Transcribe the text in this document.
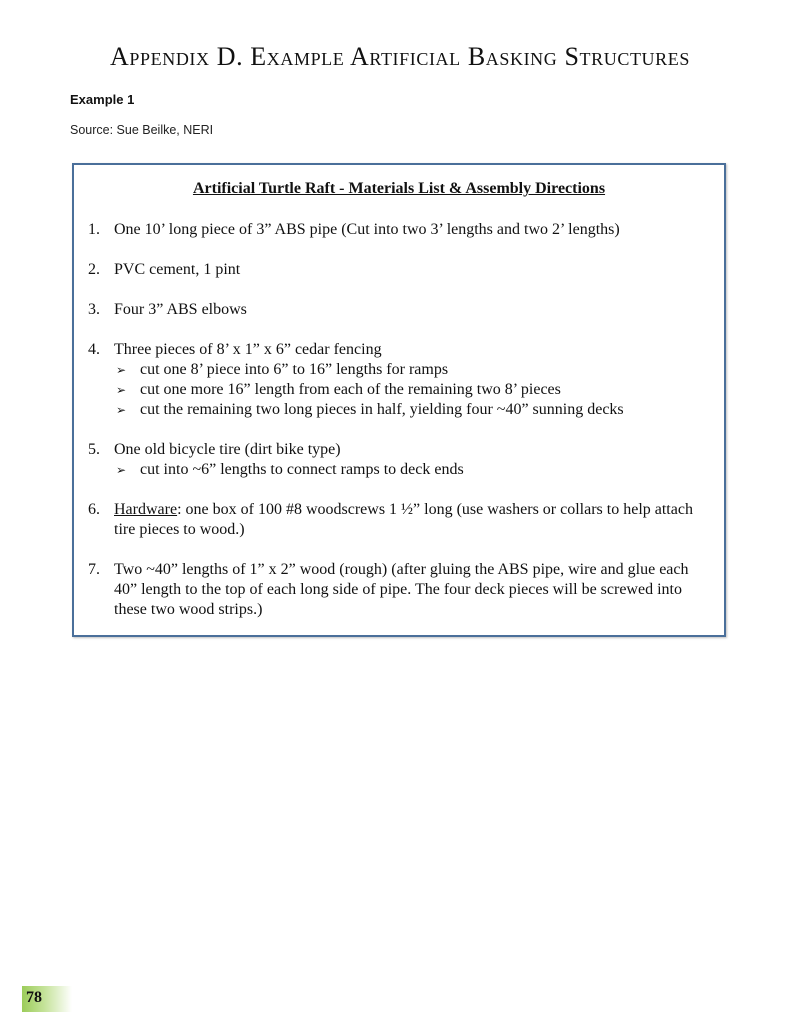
Appendix D. Example Artificial Basking Structures
Example 1
Source: Sue Beilke, NERI
Artificial Turtle Raft - Materials List & Assembly Directions
1. One 10’ long piece of 3” ABS pipe (Cut into two 3’ lengths and two 2’ lengths)
2. PVC cement, 1 pint
3. Four 3” ABS elbows
4. Three pieces of 8’ x 1” x 6” cedar fencing
➢ cut one 8’ piece into 6” to 16” lengths for ramps
➢ cut one more 16” length from each of the remaining two 8’ pieces
➢ cut the remaining two long pieces in half, yielding four ~40” sunning decks
5. One old bicycle tire (dirt bike type)
➢ cut into ~6” lengths to connect ramps to deck ends
6. Hardware: one box of 100 #8 woodscrews 1 ½” long (use washers or collars to help attach tire pieces to wood.)
7. Two ~40” lengths of 1” x 2” wood (rough) (after gluing the ABS pipe, wire and glue each 40” length to the top of each long side of pipe. The four deck pieces will be screwed into these two wood strips.)
78
